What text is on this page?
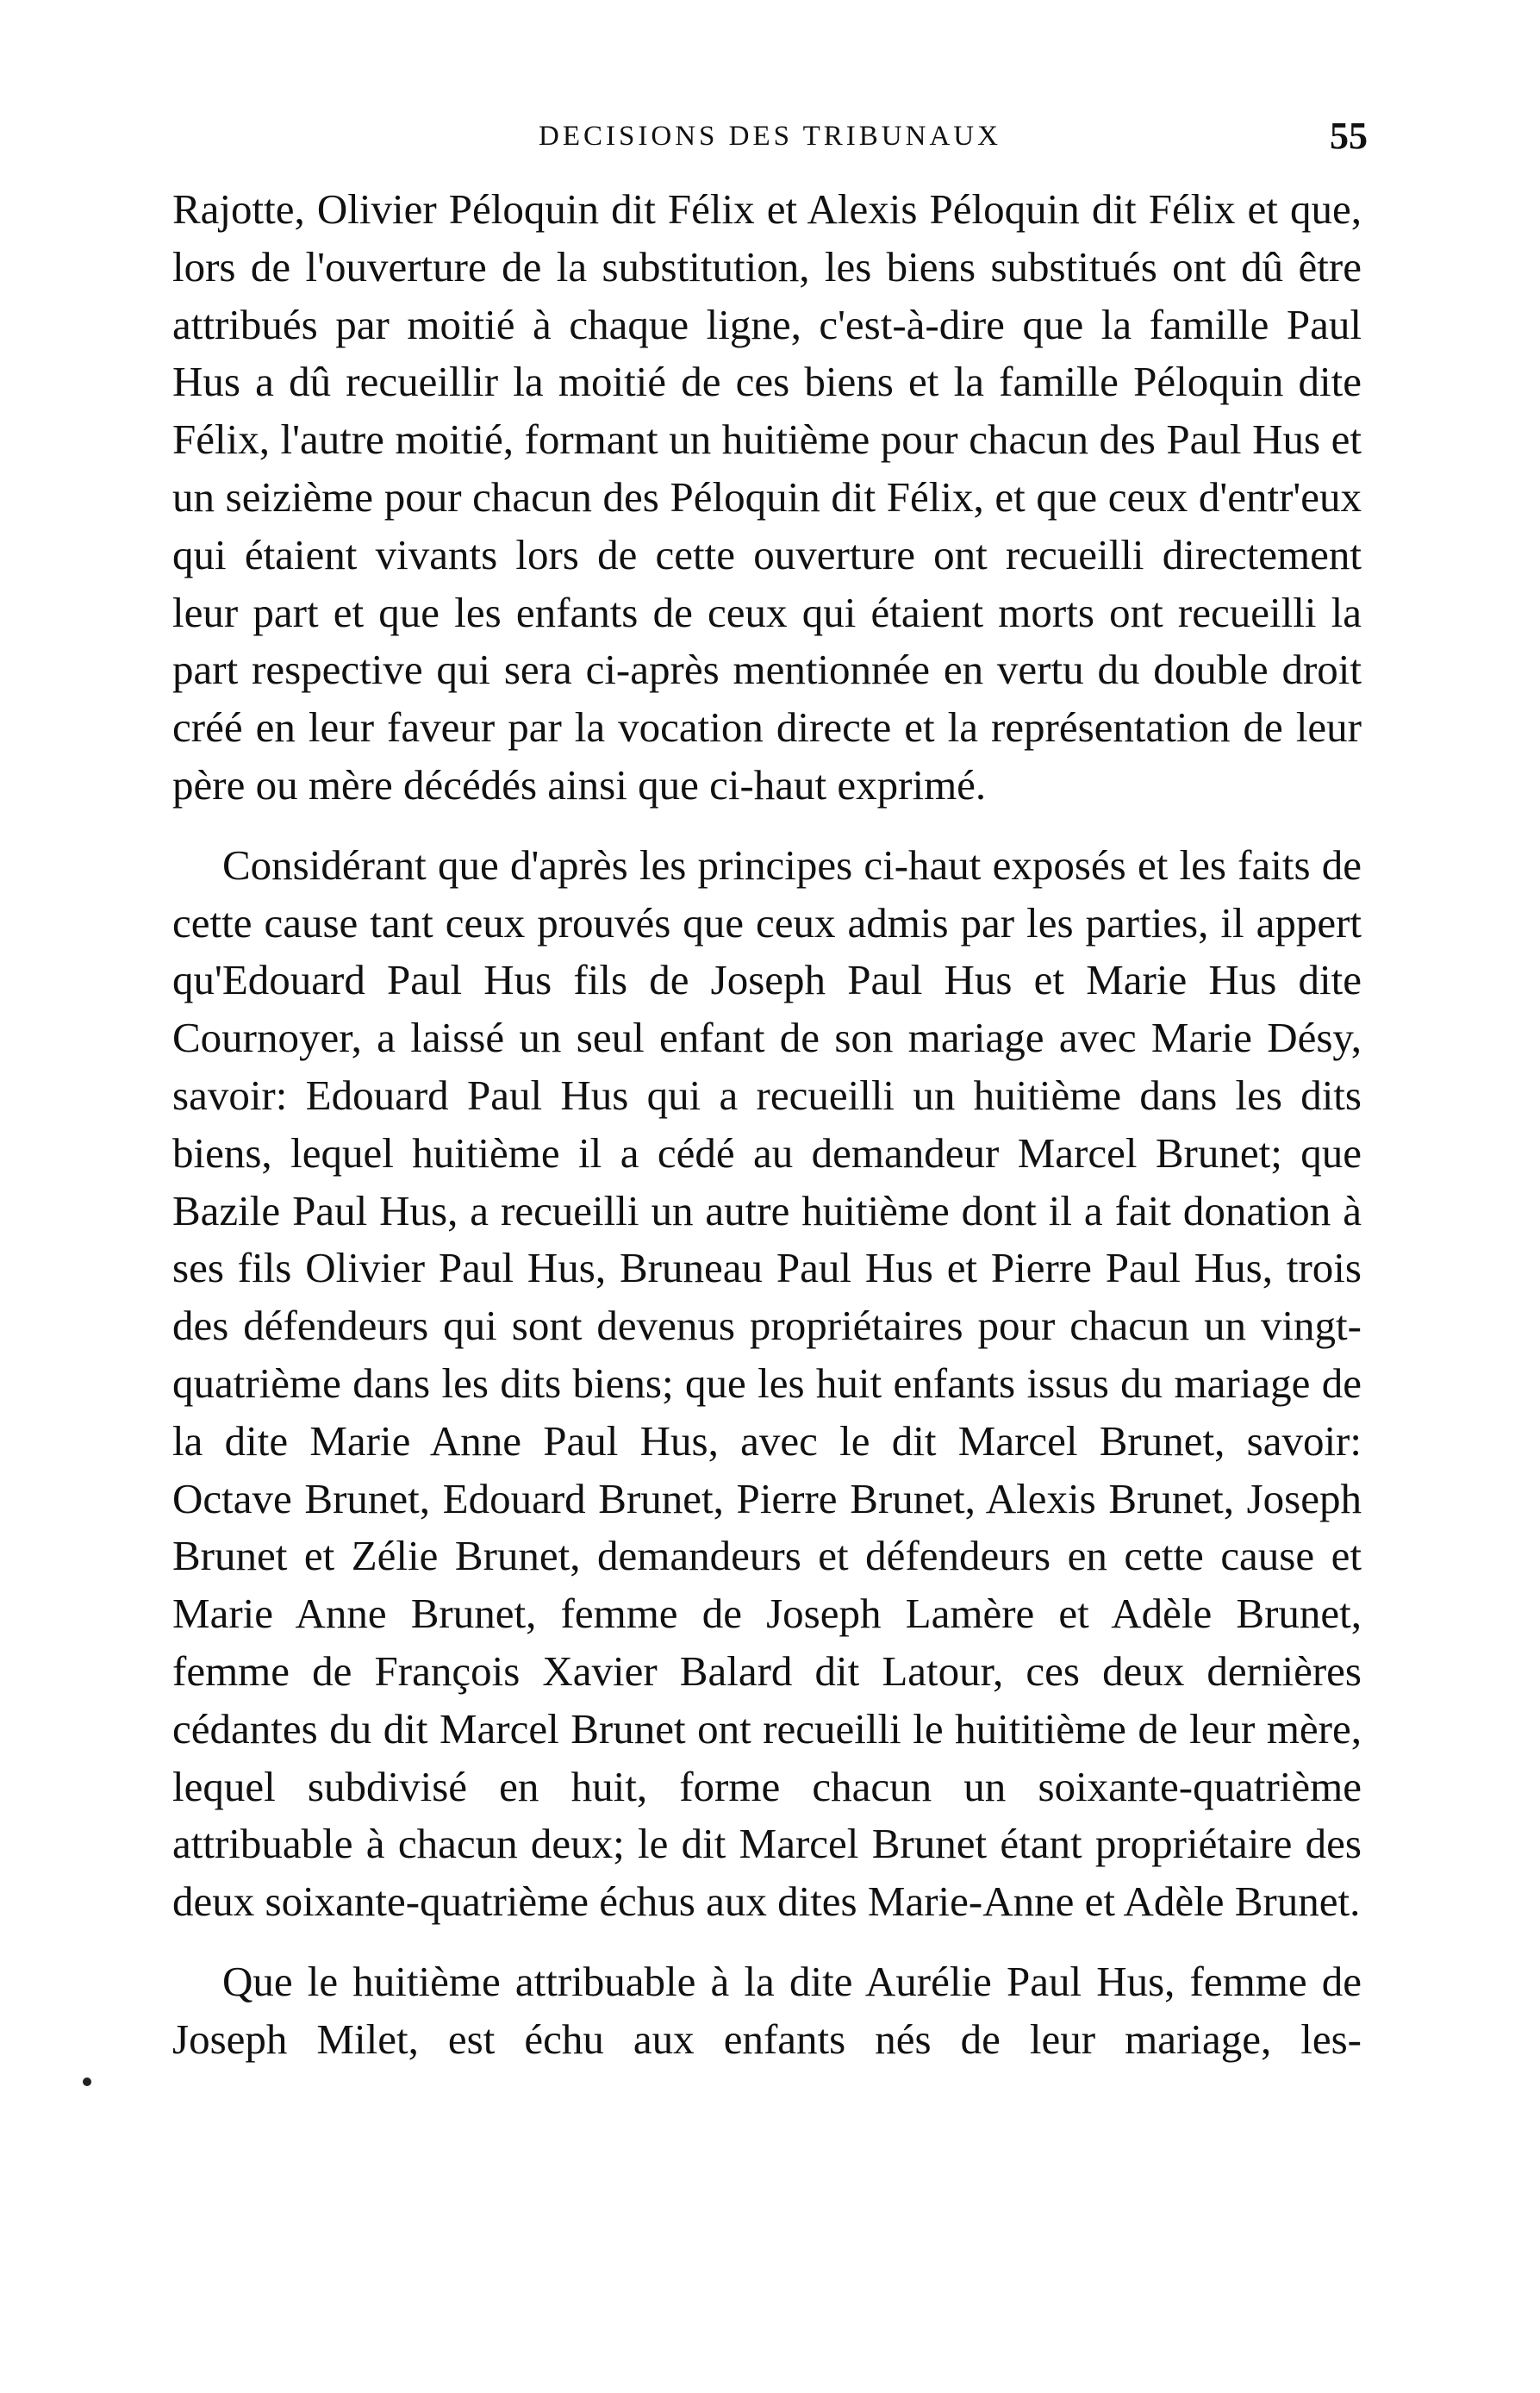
DECISIONS DES TRIBUNAUX	55

Rajotte, Olivier Péloquin dit Félix et Alexis Péloquin dit Félix et que, lors de l'ouverture de la substitution, les biens substitués ont dû être attribués par moitié à chaque ligne, c'est-à-dire que la famille Paul Hus a dû recueillir la moitié de ces biens et la famille Péloquin dite Félix, l'autre moitié, formant un huitième pour chacun des Paul Hus et un seizième pour chacun des Péloquin dit Félix, et que ceux d'entr'eux qui étaient vivants lors de cette ouverture ont recueilli directement leur part et que les enfants de ceux qui étaient morts ont recueilli la part respective qui sera ci-après mentionnée en vertu du double droit créé en leur faveur par la vocation directe et la représentation de leur père ou mère décédés ainsi que ci-haut exprimé.

Considérant que d'après les principes ci-haut exposés et les faits de cette cause tant ceux prouvés que ceux admis par les parties, il appert qu'Edouard Paul Hus fils de Joseph Paul Hus et Marie Hus dite Cournoyer, a laissé un seul enfant de son mariage avec Marie Désy, savoir: Edouard Paul Hus qui a recueilli un huitième dans les dits biens, lequel huitième il a cédé au demandeur Marcel Brunet; que Bazile Paul Hus, a recueilli un autre huitième dont il a fait donation à ses fils Olivier Paul Hus, Bruneau Paul Hus et Pierre Paul Hus, trois des défendeurs qui sont devenus propriétaires pour chacun un vingt-quatrième dans les dits biens; que les huit enfants issus du mariage de la dite Marie Anne Paul Hus, avec le dit Marcel Brunet, savoir: Octave Brunet, Edouard Brunet, Pierre Brunet, Alexis Brunet, Joseph Brunet et Zélie Brunet, demandeurs et défendeurs en cette cause et Marie Anne Brunet, femme de Joseph Lamère et Adèle Brunet, femme de François Xavier Balard dit Latour, ces deux dernières cédantes du dit Marcel Brunet ont recueilli le huititième de leur mère, lequel subdivisé en huit, forme chacun un soixante-quatrième attribuable à chacun deux; le dit Marcel Brunet étant propriétaire des deux soixante-quatrième échus aux dites Marie-Anne et Adèle Brunet.

Que le huitième attribuable à la dite Aurélie Paul Hus, femme de Joseph Milet, est échu aux enfants nés de leur mariage, les-
